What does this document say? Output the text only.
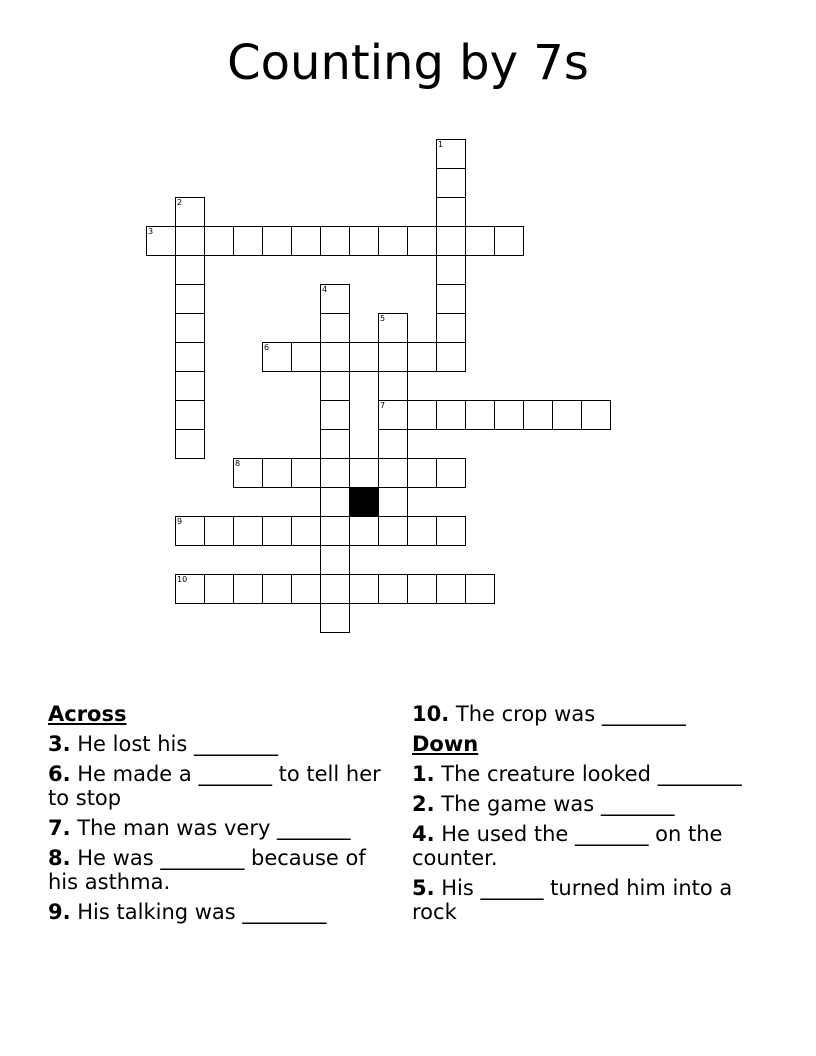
Counting by 7s
1
2
3
4
5
6
7
8
9
10
Across
3. He lost his ________
6. He made a _______ to tell her to stop
7. The man was very _______
8. He was ________ because of his asthma.
9. His talking was ________
10. The crop was ________
Down
1. The creature looked ________
2. The game was _______
4. He used the _______ on the counter.
5. His ______ turned him into a rock
